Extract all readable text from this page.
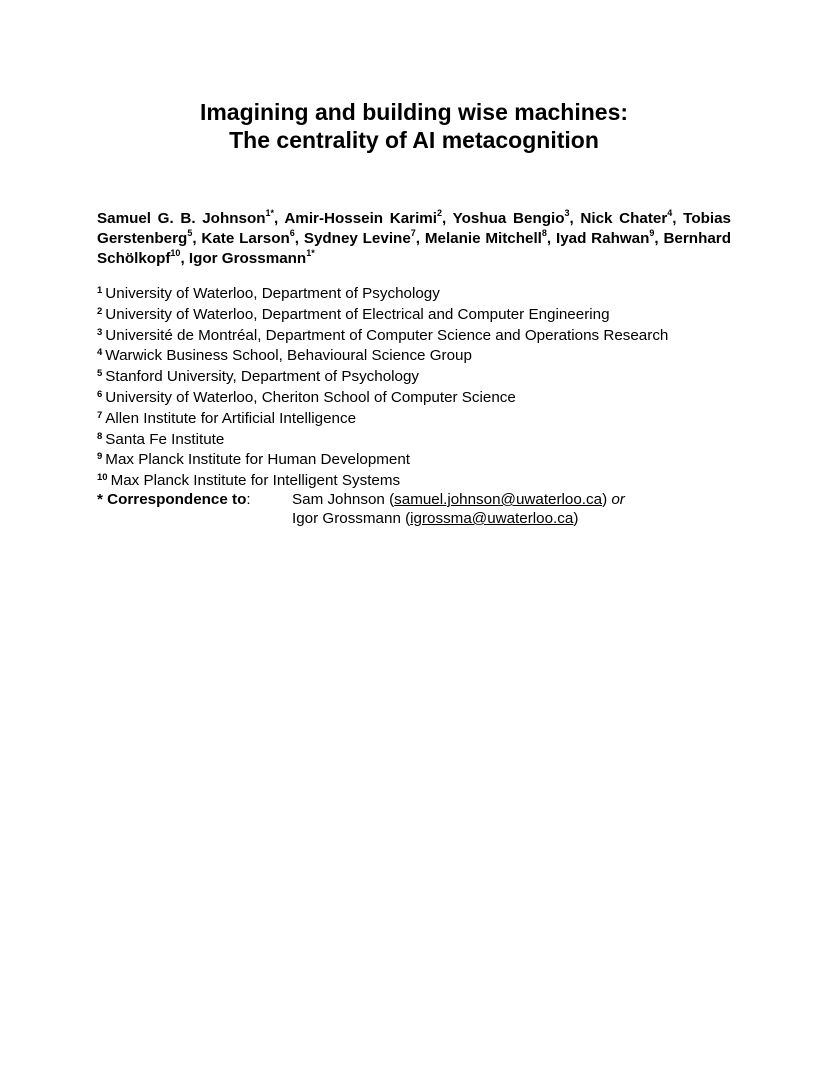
Imagining and building wise machines:
The centrality of AI metacognition
Samuel G. B. Johnson$^{1*}$, Amir-Hossein Karimi$^2$, Yoshua Bengio$^3$, Nick Chater$^4$, Tobias Gerstenberg$^5$, Kate Larson$^6$, Sydney Levine$^7$, Melanie Mitchell$^8$, Iyad Rahwan$^9$, Bernhard Schölkopf$^{10}$, Igor Grossmann$^{1*}$
$^1$ University of Waterloo, Department of Psychology
$^2$ University of Waterloo, Department of Electrical and Computer Engineering
$^3$ Université de Montréal, Department of Computer Science and Operations Research
$^4$ Warwick Business School, Behavioural Science Group
$^5$ Stanford University, Department of Psychology
$^6$ University of Waterloo, Cheriton School of Computer Science
$^7$ Allen Institute for Artificial Intelligence
$^8$ Santa Fe Institute
$^9$ Max Planck Institute for Human Development
$^{10}$ Max Planck Institute for Intelligent Systems
* Correspondence to:	Sam Johnson (samuel.johnson@uwaterloo.ca) or
Igor Grossmann (igrossma@uwaterloo.ca)
